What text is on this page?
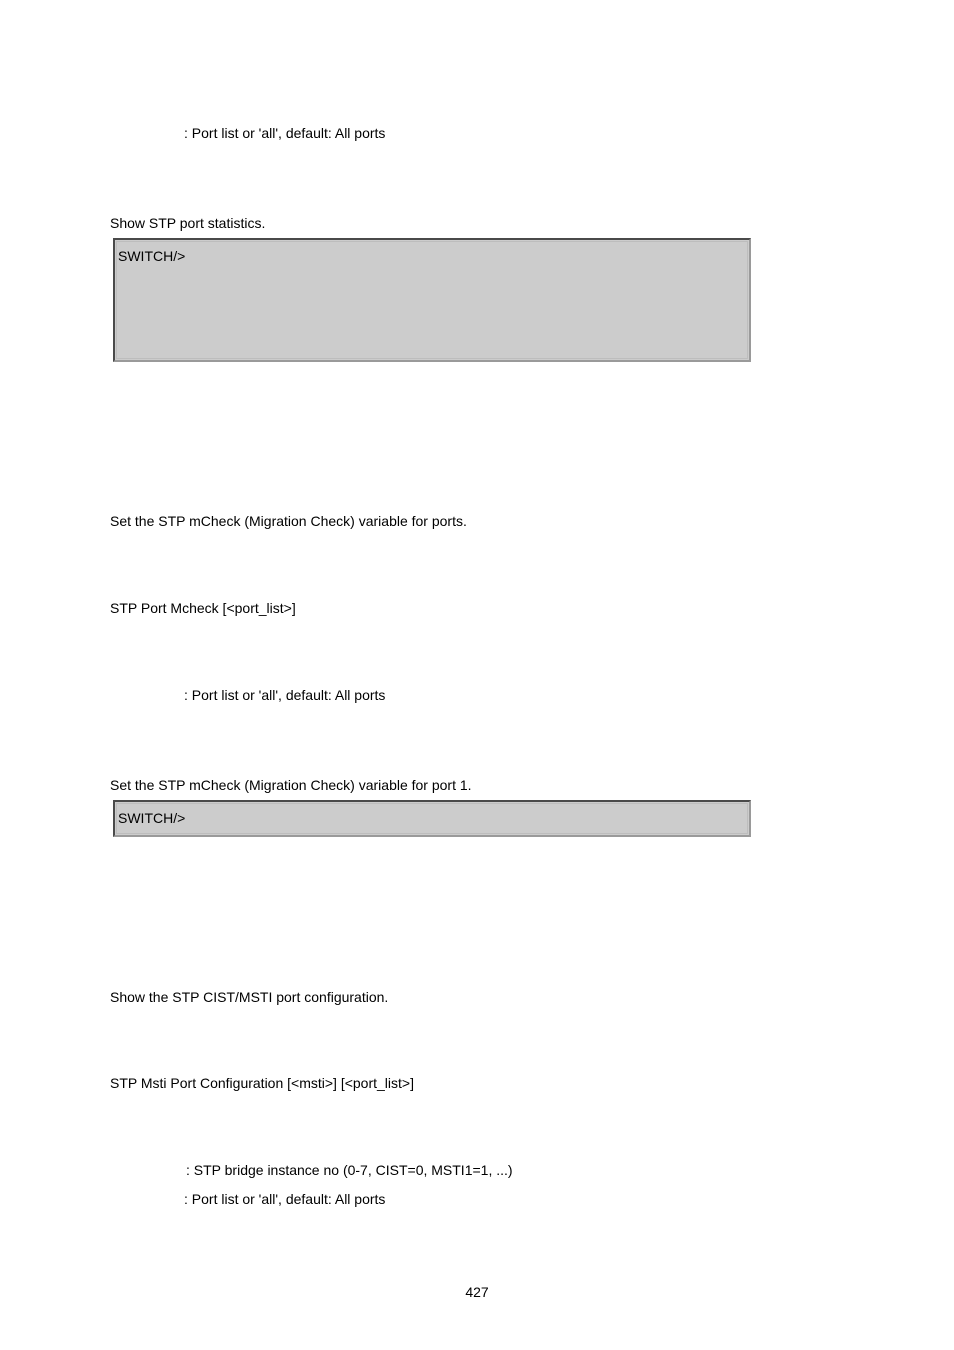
: Port list or 'all', default: All ports
Show STP port statistics.
SWITCH/>
Set the STP mCheck (Migration Check) variable for ports.
STP Port Mcheck [<port_list>]
: Port list or 'all', default: All ports
Set the STP mCheck (Migration Check) variable for port 1.
SWITCH/>
Show the STP CIST/MSTI port configuration.
STP Msti Port Configuration [<msti>] [<port_list>]
: STP bridge instance no (0-7, CIST=0, MSTI1=1, ...)
: Port list or 'all', default: All ports
427
